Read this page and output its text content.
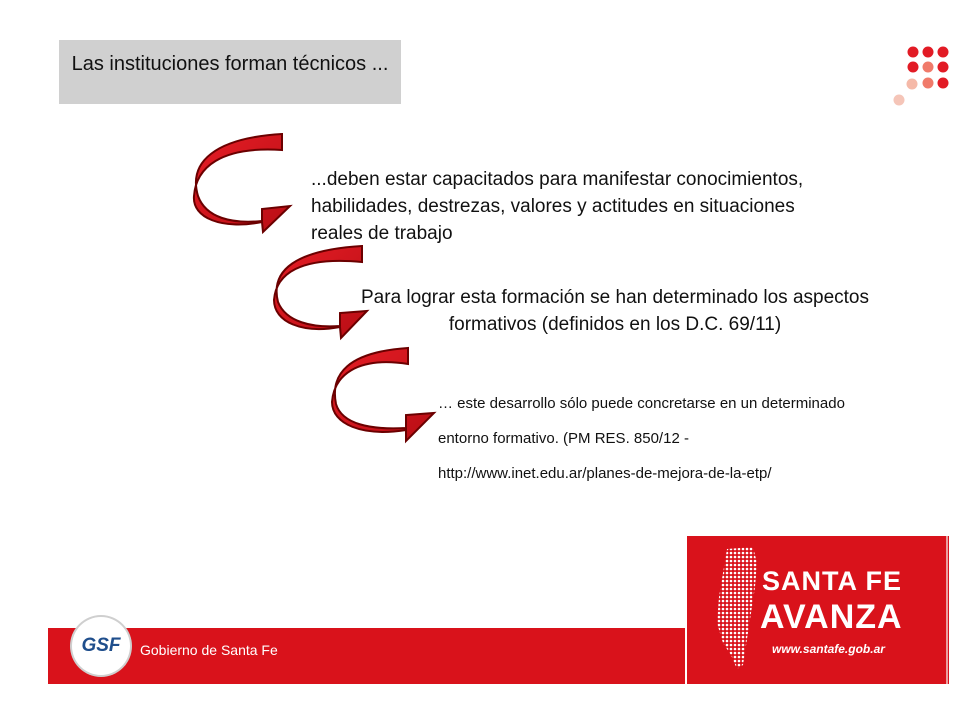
Las instituciones forman técnicos ...
...deben estar capacitados para manifestar conocimientos, habilidades, destrezas, valores y actitudes en situaciones reales de trabajo
Para lograr esta formación se han determinado los aspectos formativos (definidos en los D.C. 69/11)
… este desarrollo sólo puede concretarse en un determinado entorno formativo. (PM RES. 850/12 - http://www.inet.edu.ar/planes-de-mejora-de-la-etp/
GSF	Gobierno de Santa Fe
SANTA FE
AVANZA
www.santafe.gob.ar
